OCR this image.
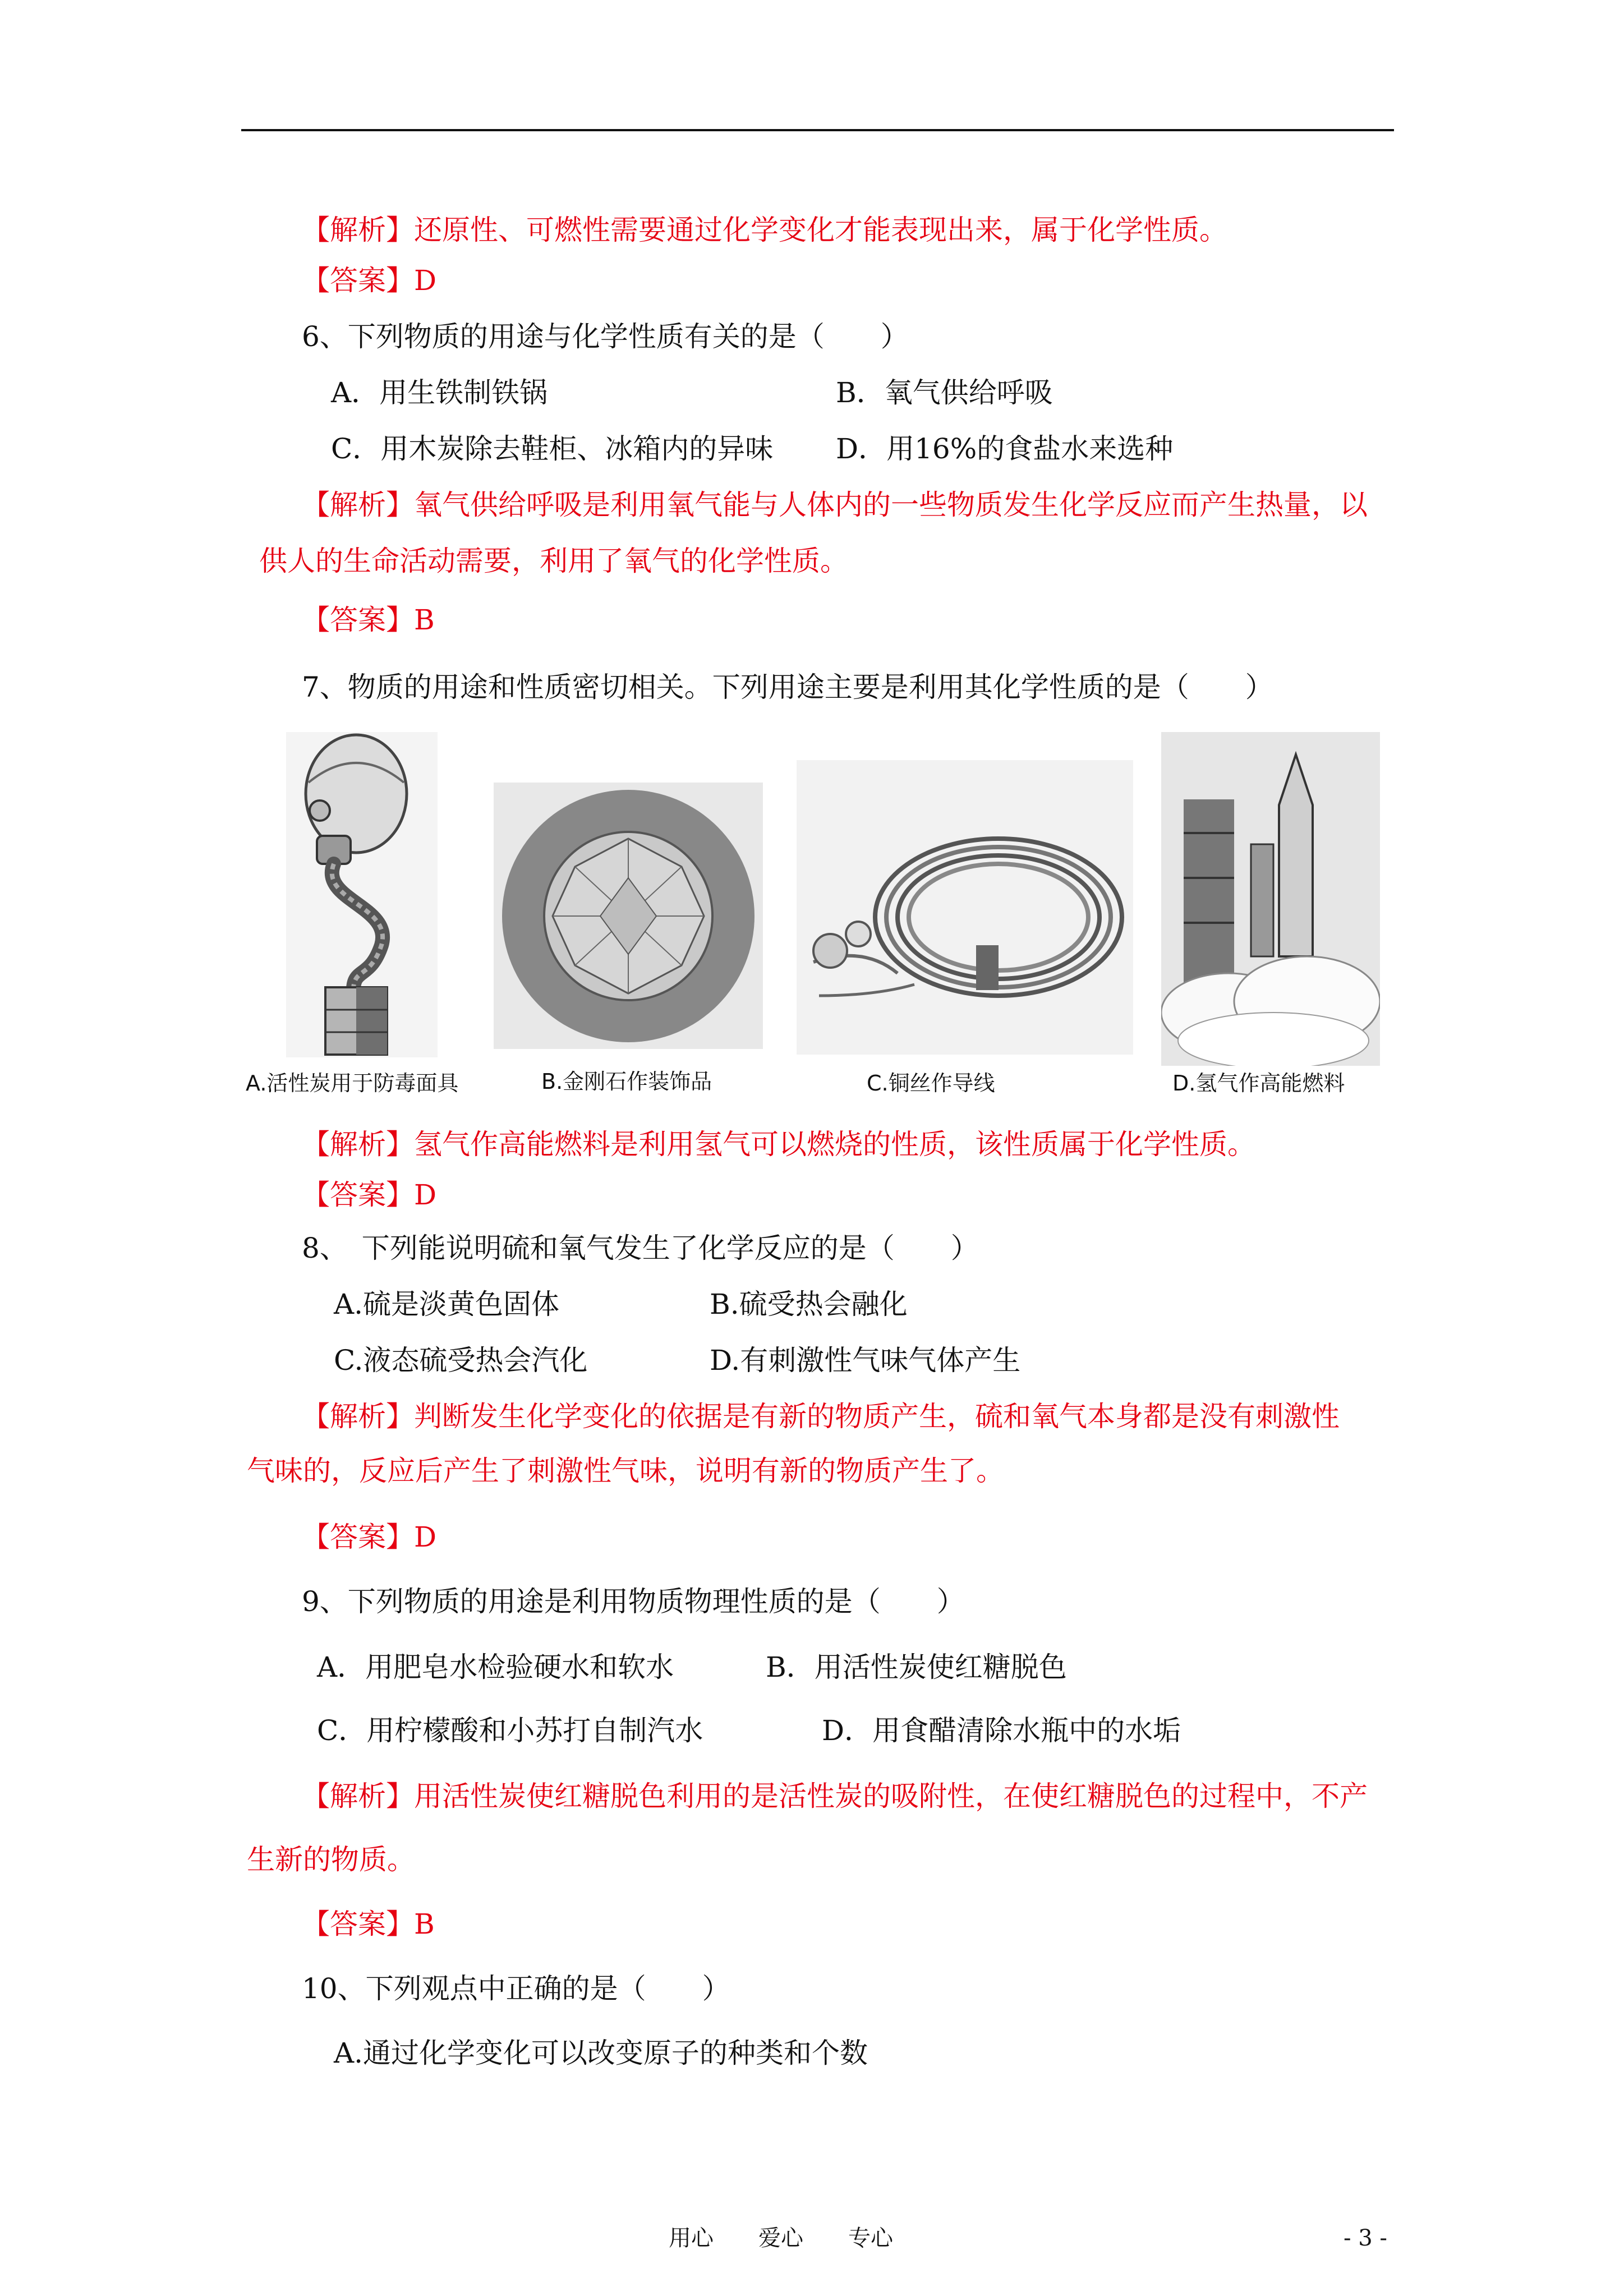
【解析】还原性、可燃性需要通过化学变化才能表现出来，属于化学性质。
【答案】D
6、下列物质的用途与化学性质有关的是（　　）
A．用生铁制铁锅	B．氧气供给呼吸
C．用木炭除去鞋柜、冰箱内的异味 D．用16%的食盐水来选种
【解析】氧气供给呼吸是利用氧气能与人体内的一些物质发生化学反应而产生热量，以
供人的生命活动需要，利用了氧气的化学性质。
【答案】B
7、物质的用途和性质密切相关。下列用途主要是利用其化学性质的是（　　）
A.活性炭用于防毒面具	B.金刚石作装饰品	C.铜丝作导线	D.氢气作高能燃料
【解析】氢气作高能燃料是利用氢气可以燃烧的性质，该性质属于化学性质。
【答案】D
8、　下列能说明硫和氧气发生了化学反应的是（　　）
A.硫是淡黄色固体	B.硫受热会融化
C.液态硫受热会汽化	D.有刺激性气味气体产生
【解析】判断发生化学变化的依据是有新的物质产生，硫和氧气本身都是没有刺激性
气味的，反应后产生了刺激性气味，说明有新的物质产生了。
【答案】D
9、下列物质的用途是利用物质物理性质的是（　　）
A．用肥皂水检验硬水和软水	B．用活性炭使红糖脱色
C．用柠檬酸和小苏打自制汽水	D．用食醋清除水瓶中的水垢
【解析】用活性炭使红糖脱色利用的是活性炭的吸附性，在使红糖脱色的过程中，不产
生新的物质。
【答案】B
10、下列观点中正确的是（　　）
A.通过化学变化可以改变原子的种类和个数
用心　　爱心　　专心	- 3 -
